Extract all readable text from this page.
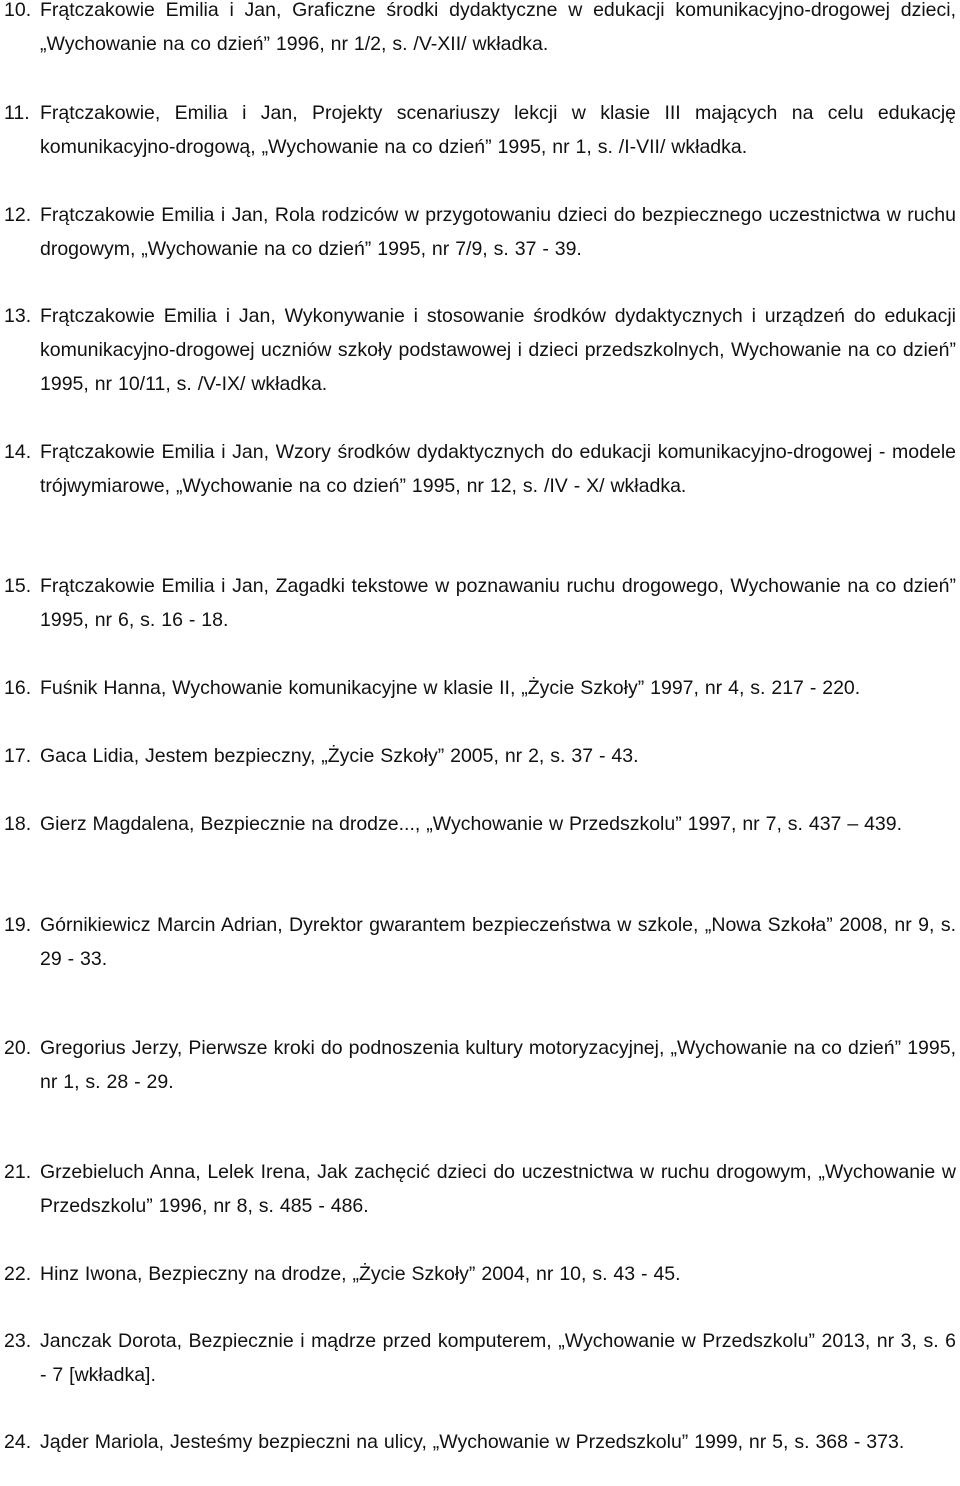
10. Frątczakowie Emilia i Jan, Graficzne środki dydaktyczne w edukacji komunikacyjno-drogowej dzieci, „Wychowanie na co dzień” 1996, nr 1/2, s. /V-XII/ wkładka.
11. Frątczakowie, Emilia i Jan, Projekty scenariuszy lekcji w klasie III mających na celu edukację komunikacyjno-drogową, „Wychowanie na co dzień” 1995, nr 1, s. /I-VII/ wkładka.
12. Frątczakowie Emilia i Jan, Rola rodziców w przygotowaniu dzieci do bezpiecznego uczestnictwa w ruchu drogowym, „Wychowanie na co dzień” 1995, nr 7/9, s. 37 - 39.
13. Frątczakowie Emilia i Jan, Wykonywanie i stosowanie środków dydaktycznych i urządzeń do edukacji komunikacyjno-drogowej uczniów szkoły podstawowej i dzieci przedszkolnych, Wychowanie na co dzień” 1995, nr 10/11, s. /V-IX/ wkładka.
14. Frątczakowie Emilia i Jan, Wzory środków dydaktycznych do edukacji komunikacyjno-drogowej - modele trójwymiarowe, „Wychowanie na co dzień” 1995, nr 12, s. /IV - X/ wkładka.
15. Frątczakowie Emilia i Jan, Zagadki tekstowe w poznawaniu ruchu drogowego, Wychowanie na co dzień” 1995, nr 6, s. 16 - 18.
16. Fuśnik Hanna, Wychowanie komunikacyjne w klasie II, „Życie Szkoły” 1997, nr 4, s. 217 - 220.
17. Gaca Lidia, Jestem bezpieczny, „Życie Szkoły” 2005, nr 2, s. 37 - 43.
18. Gierz Magdalena, Bezpiecznie na drodze..., „Wychowanie w Przedszkolu” 1997, nr 7, s. 437 – 439.
19. Górnikiewicz Marcin Adrian, Dyrektor gwarantem bezpieczeństwa w szkole, „Nowa Szkoła” 2008, nr 9, s. 29 - 33.
20. Gregorius Jerzy, Pierwsze kroki do podnoszenia kultury motoryzacyjnej, „Wychowanie na co dzień” 1995, nr 1, s. 28 - 29.
21. Grzebieluch Anna, Lelek Irena, Jak zachęcić dzieci do uczestnictwa w ruchu drogowym, „Wychowanie w Przedszkolu” 1996, nr 8, s. 485 - 486.
22. Hinz Iwona, Bezpieczny na drodze, „Życie Szkoły” 2004, nr 10, s. 43 - 45.
23. Janczak Dorota, Bezpiecznie i mądrze przed komputerem, „Wychowanie w Przedszkolu” 2013, nr 3, s. 6 - 7 [wkładka].
24. Jąder Mariola, Jesteśmy bezpieczni na ulicy, „Wychowanie w Przedszkolu” 1999, nr 5, s. 368 - 373.
